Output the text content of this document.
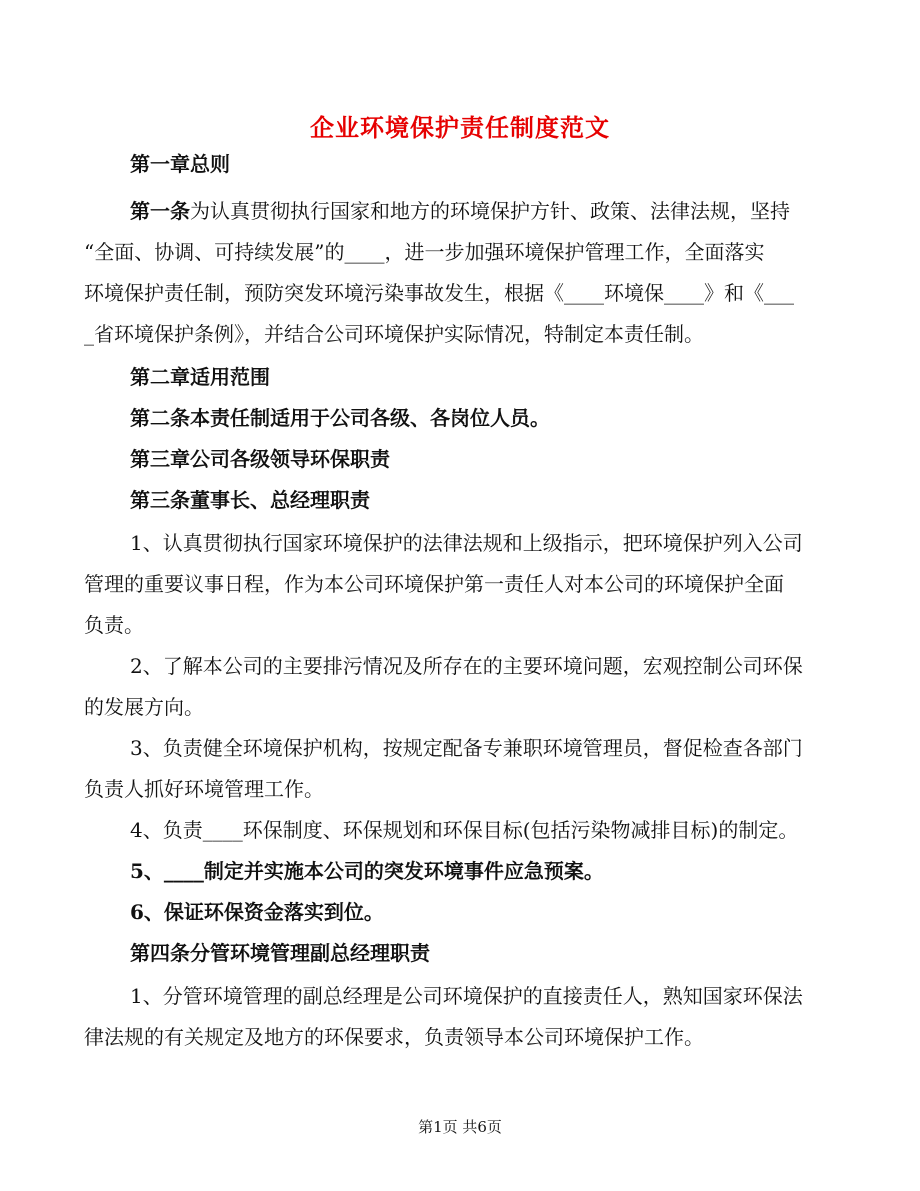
企业环境保护责任制度范文
第一章总则
第一条为认真贯彻执行国家和地方的环境保护方针、政策、法律法规，坚持
“全面、协调、可持续发展”的____，进一步加强环境保护管理工作，全面落实
环境保护责任制，预防突发环境污染事故发生，根据《____环境保____》和《___
_省环境保护条例》，并结合公司环境保护实际情况，特制定本责任制。
第二章适用范围
第二条本责任制适用于公司各级、各岗位人员。
第三章公司各级领导环保职责
第三条董事长、总经理职责
1、认真贯彻执行国家环境保护的法律法规和上级指示，把环境保护列入公司
管理的重要议事日程，作为本公司环境保护第一责任人对本公司的环境保护全面
负责。
2、了解本公司的主要排污情况及所存在的主要环境问题，宏观控制公司环保
的发展方向。
3、负责健全环境保护机构，按规定配备专兼职环境管理员，督促检查各部门
负责人抓好环境管理工作。
4、负责____环保制度、环保规划和环保目标(包括污染物减排目标)的制定。
5、____制定并实施本公司的突发环境事件应急预案。
6、保证环保资金落实到位。
第四条分管环境管理副总经理职责
1、分管环境管理的副总经理是公司环境保护的直接责任人，熟知国家环保法
律法规的有关规定及地方的环保要求，负责领导本公司环境保护工作。
第1页 共6页
